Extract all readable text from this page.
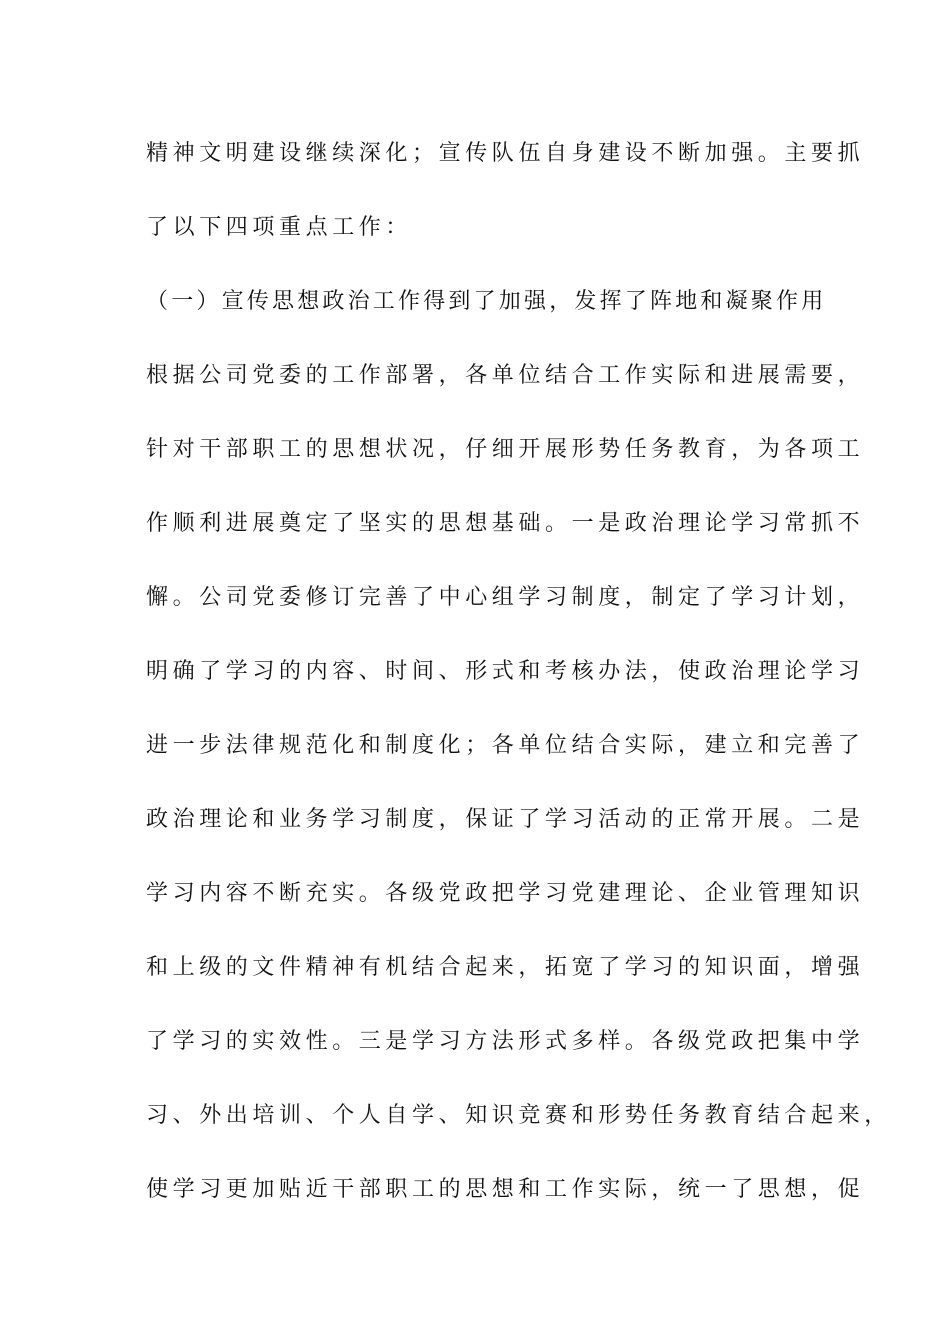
精神文明建设继续深化；宣传队伍自身建设不断加强。主要抓
了以下四项重点工作：
（一）宣传思想政治工作得到了加强，发挥了阵地和凝聚作用
根据公司党委的工作部署，各单位结合工作实际和进展需要，
针对干部职工的思想状况，仔细开展形势任务教育，为各项工
作顺利进展奠定了坚实的思想基础。一是政治理论学习常抓不
懈。公司党委修订完善了中心组学习制度，制定了学习计划，
明确了学习的内容、时间、形式和考核办法，使政治理论学习
进一步法律规范化和制度化；各单位结合实际，建立和完善了
政治理论和业务学习制度，保证了学习活动的正常开展。二是
学习内容不断充实。各级党政把学习党建理论、企业管理知识
和上级的文件精神有机结合起来，拓宽了学习的知识面，增强
了学习的实效性。三是学习方法形式多样。各级党政把集中学
习、外出培训、个人自学、知识竞赛和形势任务教育结合起来，
使学习更加贴近干部职工的思想和工作实际，统一了思想，促
